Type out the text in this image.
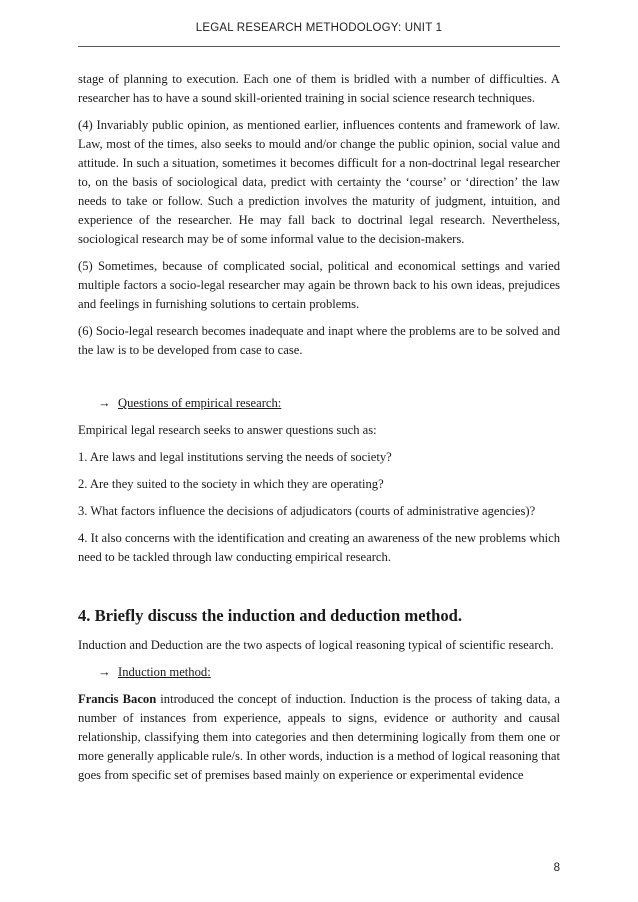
LEGAL RESEARCH METHODOLOGY: UNIT 1

stage of planning to execution. Each one of them is bridled with a number of difficulties. A researcher has to have a sound skill-oriented training in social science research techniques.

(4) Invariably public opinion, as mentioned earlier, influences contents and framework of law. Law, most of the times, also seeks to mould and/or change the public opinion, social value and attitude. In such a situation, sometimes it becomes difficult for a non-doctrinal legal researcher to, on the basis of sociological data, predict with certainty the ‘course’ or ‘direction’ the law needs to take or follow. Such a prediction involves the maturity of judgment, intuition, and experience of the researcher. He may fall back to doctrinal legal research. Nevertheless, sociological research may be of some informal value to the decision-makers.

(5) Sometimes, because of complicated social, political and economical settings and varied multiple factors a socio-legal researcher may again be thrown back to his own ideas, prejudices and feelings in furnishing solutions to certain problems.

(6) Socio-legal research becomes inadequate and inapt where the problems are to be solved and the law is to be developed from case to case.

→ Questions of empirical research:

Empirical legal research seeks to answer questions such as:

1. Are laws and legal institutions serving the needs of society?

2. Are they suited to the society in which they are operating?

3. What factors influence the decisions of adjudicators (courts of administrative agencies)?

4. It also concerns with the identification and creating an awareness of the new problems which need to be tackled through law conducting empirical research.

4. Briefly discuss the induction and deduction method.

Induction and Deduction are the two aspects of logical reasoning typical of scientific research.

→ Induction method:

Francis Bacon introduced the concept of induction. Induction is the process of taking data, a number of instances from experience, appeals to signs, evidence or authority and causal relationship, classifying them into categories and then determining logically from them one or more generally applicable rule/s. In other words, induction is a method of logical reasoning that goes from specific set of premises based mainly on experience or experimental evidence

8
